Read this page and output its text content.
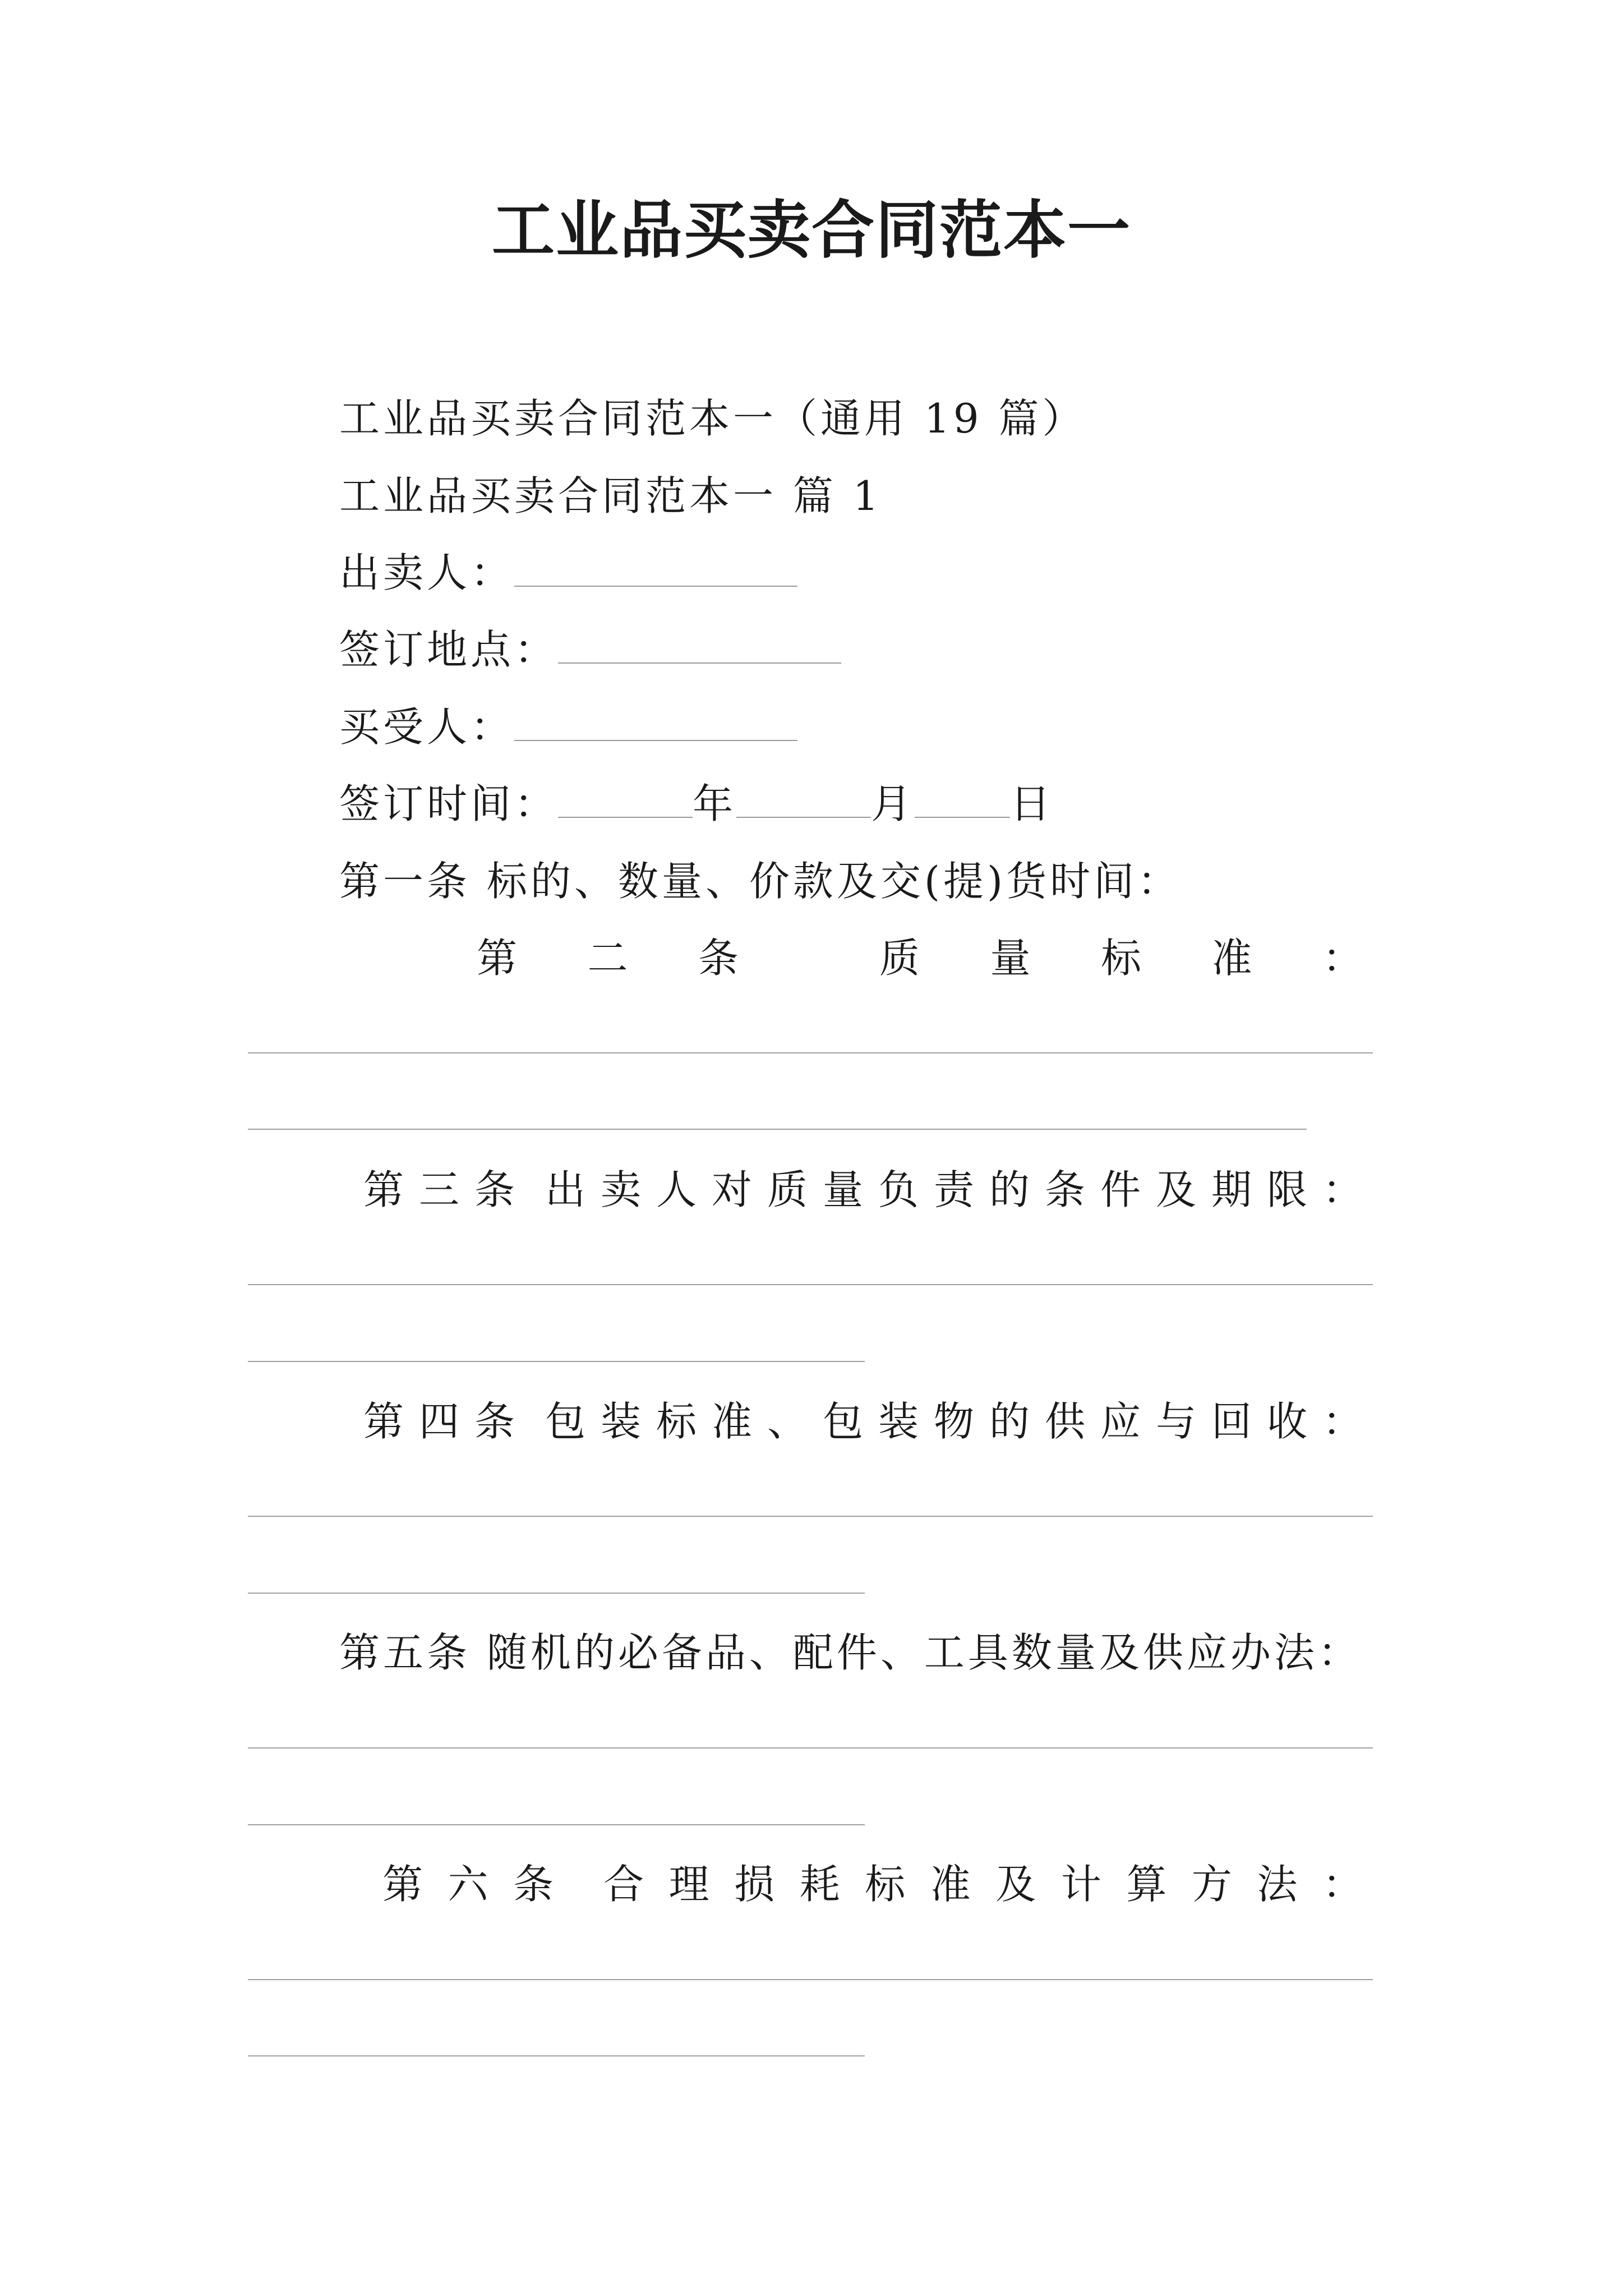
工业品买卖合同范本一
工业品买卖合同范本一（通用 19 篇）
工业品买卖合同范本一 篇 1
出卖人：
签订地点：
买受人：
签订时间：	年	月 日
第一条 标的、数量、价款及交(提)货时间：
第 二 条	质 量 标 准 ：
第 三 条 出 卖 人 对 质 量 负 责 的 条 件 及 期 限 ：
第 四 条 包 装 标 准 、 包 装 物 的 供 应 与 回 收 ：
第五条 随机的必备品、配件、工具数量及供应办法：
第 六 条 合 理 损 耗 标 准 及 计 算 方 法 ：
